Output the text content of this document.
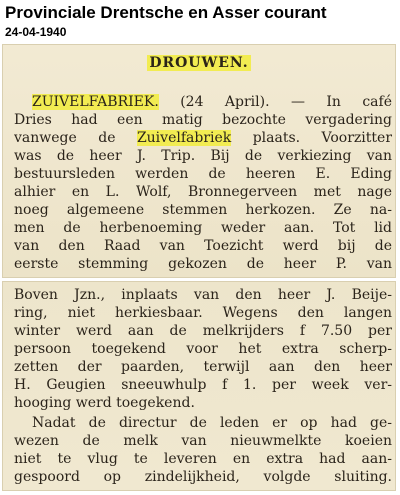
Provinciale Drentsche en Asser courant
24-04-1940
DROUWEN.
ZUIVELFABRIEK. (24 April). — In café
Dries had een matig bezochte vergadering
vanwege de Zuivelfabriek plaats. Voorzitter
was de heer J. Trip. Bij de verkiezing van
bestuursleden werden de heeren E. Eding
alhier en L. Wolf, Bronnegerveen met nage
noeg algemeene stemmen herkozen. Ze na-
men de herbenoeming weder aan. Tot lid
van den Raad van Toezicht werd bij de
eerste stemming gekozen de heer P. van
Boven Jzn., inplaats van den heer J. Beije-
ring, niet herkiesbaar. Wegens den langen
winter werd aan de melkrijders f 7.50 per
persoon toegekend voor het extra scherp-
zetten der paarden, terwijl aan den heer
H. Geugien sneeuwhulp f 1. per week ver-
hooging werd toegekend.
Nadat de directur de leden er op had ge-
wezen de melk van nieuwmelkte koeien
niet te vlug te leveren en extra had aan-
gespoord op zindelijkheid, volgde sluiting.
